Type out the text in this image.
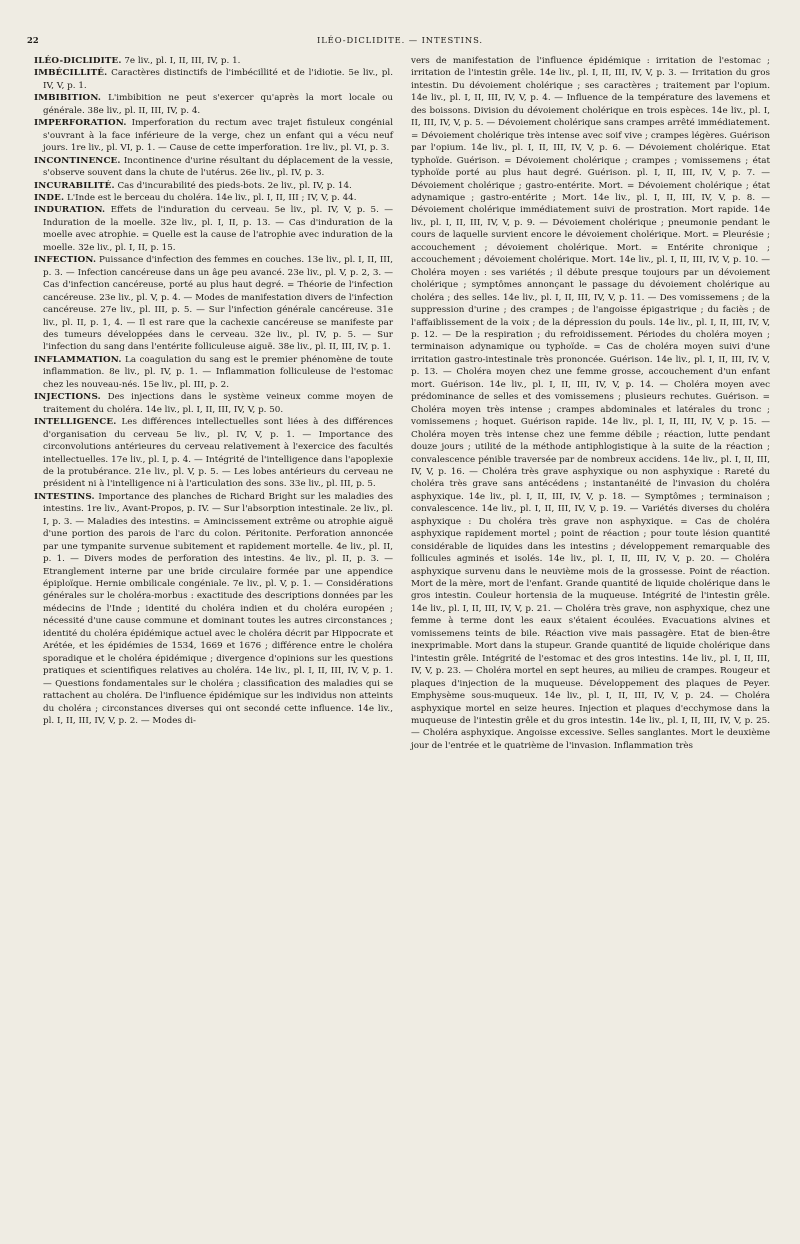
22	ILÉO-DICLIDITE. — INTESTINS.

ILÉO-DICLIDITE. 7e liv., pl. I, II, III, IV, p. 1.

IMBÉCILLITÉ. Caractères distinctifs de l'imbécillité et de l'idiotie. 5e liv., pl. IV, V, p. 1.

IMBIBITION. L'imbibition ne peut s'exercer qu'après la mort locale ou générale. 38e liv., pl. II, III, IV, p. 4.

IMPERFORATION. Imperforation du rectum avec trajet fistuleux congénial s'ouvrant à la face inférieure de la verge, chez un enfant qui a vécu neuf jours. 1re liv., pl. VI, p. 1. — Cause de cette imperforation. 1re liv., pl. VI, p. 3.

INCONTINENCE. Incontinence d'urine résultant du déplacement de la vessie, s'observe souvent dans la chute de l'utérus. 26e liv., pl. IV, p. 3.

INCURABILITÉ. Cas d'incurabilité des pieds-bots. 2e liv., pl. IV, p. 14.

INDE. L'Inde est le berceau du choléra. 14e liv., pl. I, II, III ; IV, V, p. 44.

INDURATION. Effets de l'induration du cerveau. 5e liv., pl. IV, V, p. 5. — Induration de la moelle. 32e liv., pl. I, II, p. 13. — Cas d'induration de la moelle avec atrophie. = Quelle est la cause de l'atrophie avec induration de la moelle. 32e liv., pl. I, II, p. 15.

INFECTION. Puissance d'infection des femmes en couches. 13e liv., pl. I, II, III, p. 3. — Infection cancéreuse dans un âge peu avancé. 23e liv., pl. V, p. 2, 3. — Cas d'infection cancéreuse, porté au plus haut degré. = Théorie de l'infection cancéreuse. 23e liv., pl. V, p. 4. — Modes de manifestation divers de l'infection cancéreuse. 27e liv., pl. III, p. 5. — Sur l'infection générale cancéreuse. 31e liv., pl. II, p. 1, 4. — Il est rare que la cachexie cancéreuse se manifeste par des tumeurs développées dans le cerveau. 32e liv., pl. IV, p. 5. — Sur l'infection du sang dans l'entérite folliculeuse aiguë. 38e liv., pl. II, III, IV, p. 1.

INFLAMMATION. La coagulation du sang est le premier phénomène de toute inflammation. 8e liv., pl. IV, p. 1. — Inflammation folliculeuse de l'estomac chez les nouveau-nés. 15e liv., pl. III, p. 2.

INJECTIONS. Des injections dans le système veineux comme moyen de traitement du choléra. 14e liv., pl. I, II, III, IV, V, p. 50.

INTELLIGENCE. Les différences intellectuelles sont liées à des différences d'organisation du cerveau 5e liv., pl. IV, V, p. 1. — Importance des circonvolutions antérieures du cerveau relativement à l'exercice des facultés intellectuelles. 17e liv., pl. I, p. 4. — Intégrité de l'intelligence dans l'apoplexie de la protubérance. 21e liv., pl. V, p. 5. — Les lobes antérieurs du cerveau ne président ni à l'intelligence ni à l'articulation des sons. 33e liv., pl. III, p. 5.

INTESTINS. Importance des planches de Richard Bright sur les maladies des intestins. 1re liv., Avant-Propos, p. IV. — Sur l'absorption intestinale. 2e liv., pl. I, p. 3. — Maladies des intestins. = Amincissement extrême ou atrophie aiguë d'une portion des parois de l'arc du colon. Péritonite. Perforation annoncée par une tympanite survenue subitement et rapidement mortelle. 4e liv., pl. II, p. 1. — Divers modes de perforation des intestins. 4e liv., pl. II, p. 3. — Etranglement interne par une bride circulaire formée par une appendice épiploïque. Hernie ombilicale congéniale. 7e liv., pl. V, p. 1. — Considérations générales sur le choléra-morbus : exactitude des descriptions données par les médecins de l'Inde ; identité du choléra indien et du choléra européen ; nécessité d'une cause commune et dominant toutes les autres circonstances ; identité du choléra épidémique actuel avec le choléra décrit par Hippocrate et Arétée, et les épidémies de 1534, 1669 et 1676 ; différence entre le choléra sporadique et le choléra épidémique ; divergence d'opinions sur les questions pratiques et scientifiques relatives au choléra. 14e liv., pl. I, II, III, IV, V, p. 1. — Questions fondamentales sur le choléra ; classification des maladies qui se rattachent au choléra. De l'influence épidémique sur les individus non atteints du choléra ; circonstances diverses qui ont secondé cette influence. 14e liv., pl. I, II, III, IV, V, p. 2. — Modes di-

vers de manifestation de l'influence épidémique : irritation de l'estomac ; irritation de l'intestin grêle. 14e liv., pl. I, II, III, IV, V, p. 3. — Irritation du gros intestin. Du dévoiement cholérique ; ses caractères ; traitement par l'opium. 14e liv., pl. I, II, III, IV, V, p. 4. — Influence de la température des lavemens et des boissons. Division du dévoiement cholérique en trois espèces. 14e liv., pl. I, II, III, IV, V, p. 5. — Dévoiement cholérique sans crampes arrêté immédiatement. = Dévoiement cholérique très intense avec soif vive ; crampes légères. Guérison par l'opium. 14e liv., pl. I, II, III, IV, V, p. 6. — Dévoiement cholérique. Etat typhoïde. Guérison. = Dévoiement cholérique ; crampes ; vomissemens ; état typhoïde porté au plus haut degré. Guérison. pl. I, II, III, IV, V, p. 7. — Dévoiement cholérique ; gastro-entérite. Mort. = Dévoiement cholérique ; état adynamique ; gastro-entérite ; Mort. 14e liv., pl. I, II, III, IV, V, p. 8. — Dévoiement cholérique immédiatement suivi de prostration. Mort rapide. 14e liv., pl. I, II, III, IV, V, p. 9. — Dévoiement cholérique ; pneumonie pendant le cours de laquelle survient encore le dévoiement cholérique. Mort. = Pleurésie ; accouchement ; dévoiement cholérique. Mort. = Entérite chronique ; accouchement ; dévoiement cholérique. Mort. 14e liv., pl. I, II, III, IV, V, p. 10. — Choléra moyen : ses variétés ; il débute presque toujours par un dévoiement cholérique ; symptômes annonçant le passage du dévoiement cholérique au choléra ; des selles. 14e liv., pl. I, II, III, IV, V, p. 11. — Des vomissemens ; de la suppression d'urine ; des crampes ; de l'angoisse épigastrique ; du faciès ; de l'affaiblissement de la voix ; de la dépression du pouls. 14e liv., pl. I, II, III, IV, V, p. 12. — De la respiration ; du refroidissement. Périodes du choléra moyen ; terminaison adynamique ou typhoïde. = Cas de choléra moyen suivi d'une irritation gastro-intestinale très prononcée. Guérison. 14e liv., pl. I, II, III, IV, V, p. 13. — Choléra moyen chez une femme grosse, accouchement d'un enfant mort. Guérison. 14e liv., pl. I, II, III, IV, V, p. 14. — Choléra moyen avec prédominance de selles et des vomissemens ; plusieurs rechutes. Guérison. = Choléra moyen très intense ; crampes abdominales et latérales du tronc ; vomissemens ; hoquet. Guérison rapide. 14e liv., pl. I, II, III, IV, V, p. 15. — Choléra moyen très intense chez une femme débile ; réaction, lutte pendant douze jours ; utilité de la méthode antiphlogistique à la suite de la réaction ; convalescence pénible traversée par de nombreux accidens. 14e liv., pl. I, II, III, IV, V, p. 16. — Choléra très grave asphyxique ou non asphyxique : Rareté du choléra très grave sans antécédens ; instantanéité de l'invasion du choléra asphyxique. 14e liv., pl. I, II, III, IV, V, p. 18. — Symptômes ; terminaison ; convalescence. 14e liv., pl. I, II, III, IV, V, p. 19. — Variétés diverses du choléra asphyxique : Du choléra très grave non asphyxique. = Cas de choléra asphyxique rapidement mortel ; point de réaction ; pour toute lésion quantité considérable de liquides dans les intestins ; développement remarquable des follicules agminés et isolés. 14e liv., pl. I, II, III, IV, V, p. 20. — Choléra asphyxique survenu dans le neuvième mois de la grossesse. Point de réaction. Mort de la mère, mort de l'enfant. Grande quantité de liquide cholérique dans le gros intestin. Couleur hortensia de la muqueuse. Intégrité de l'intestin grêle. 14e liv., pl. I, II, III, IV, V, p. 21. — Choléra très grave, non asphyxique, chez une femme à terme dont les eaux s'étaient écoulées. Evacuations alvines et vomissemens teints de bile. Réaction vive mais passagère. Etat de bien-être inexprimable. Mort dans la stupeur. Grande quantité de liquide cholérique dans l'intestin grêle. Intégrité de l'estomac et des gros intestins. 14e liv., pl. I, II, III, IV, V, p. 23. — Choléra mortel en sept heures, au milieu de crampes. Rougeur et plaques d'injection de la muqueuse. Développement des plaques de Peyer. Emphysème sous-muqueux. 14e liv., pl. I, II, III, IV, V, p. 24. — Choléra asphyxique mortel en seize heures. Injection et plaques d'ecchymose dans la muqueuse de l'intestin grêle et du gros intestin. 14e liv., pl. I, II, III, IV, V, p. 25. — Choléra asphyxique. Angoisse excessive. Selles sanglantes. Mort le deuxième jour de l'entrée et le quatrième de l'invasion. Inflammation très
